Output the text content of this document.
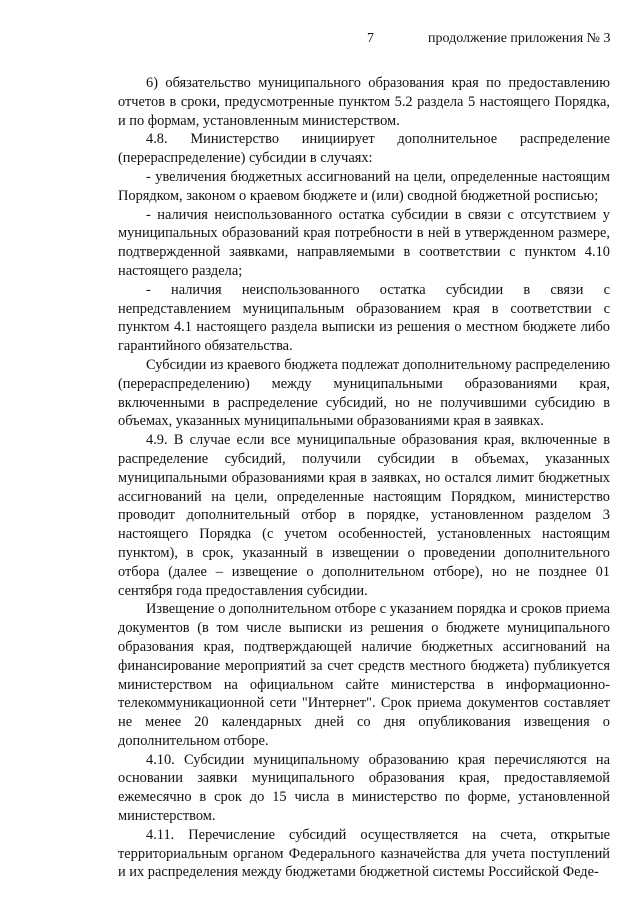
7	продолжение приложения № 3

6) обязательство муниципального образования края по предоставлению отчетов в сроки, предусмотренные пунктом 5.2 раздела 5 настоящего Порядка, и по формам, установленным министерством.

4.8. Министерство инициирует дополнительное распределение (перераспределение) субсидии в случаях:

- увеличения бюджетных ассигнований на цели, определенные настоящим Порядком, законом о краевом бюджете и (или) сводной бюджетной росписью;

- наличия неиспользованного остатка субсидии в связи с отсутствием у муниципальных образований края потребности в ней в утвержденном размере, подтвержденной заявками, направляемыми в соответствии с пунктом 4.10 настоящего раздела;

- наличия неиспользованного остатка субсидии в связи с непредставлением муниципальным образованием края в соответствии с пунктом 4.1 настоящего раздела выписки из решения о местном бюджете либо гарантийного обязательства.

Субсидии из краевого бюджета подлежат дополнительному распределению (перераспределению) между муниципальными образованиями края, включенными в распределение субсидий, но не получившими субсидию в объемах, указанных муниципальными образованиями края в заявках.

4.9. В случае если все муниципальные образования края, включенные в распределение субсидий, получили субсидии в объемах, указанных муниципальными образованиями края в заявках, но остался лимит бюджетных ассигнований на цели, определенные настоящим Порядком, министерство проводит дополнительный отбор в порядке, установленном разделом 3 настоящего Порядка (с учетом особенностей, установленных настоящим пунктом), в срок, указанный в извещении о проведении дополнительного отбора (далее – извещение о дополнительном отборе), но не позднее 01 сентября года предоставления субсидии.

Извещение о дополнительном отборе с указанием порядка и сроков приема документов (в том числе выписки из решения о бюджете муниципального образования края, подтверждающей наличие бюджетных ассигнований на финансирование мероприятий за счет средств местного бюджета) публикуется министерством на официальном сайте министерства в информационно-телекоммуникационной сети "Интернет". Срок приема документов составляет не менее 20 календарных дней со дня опубликования извещения о дополнительном отборе.

4.10. Субсидии муниципальному образованию края перечисляются на основании заявки муниципального образования края, предоставляемой ежемесячно в срок до 15 числа в министерство по форме, установленной министерством.

4.11. Перечисление субсидий осуществляется на счета, открытые территориальным органом Федерального казначейства для учета поступлений и их распределения между бюджетами бюджетной системы Российской Феде-
